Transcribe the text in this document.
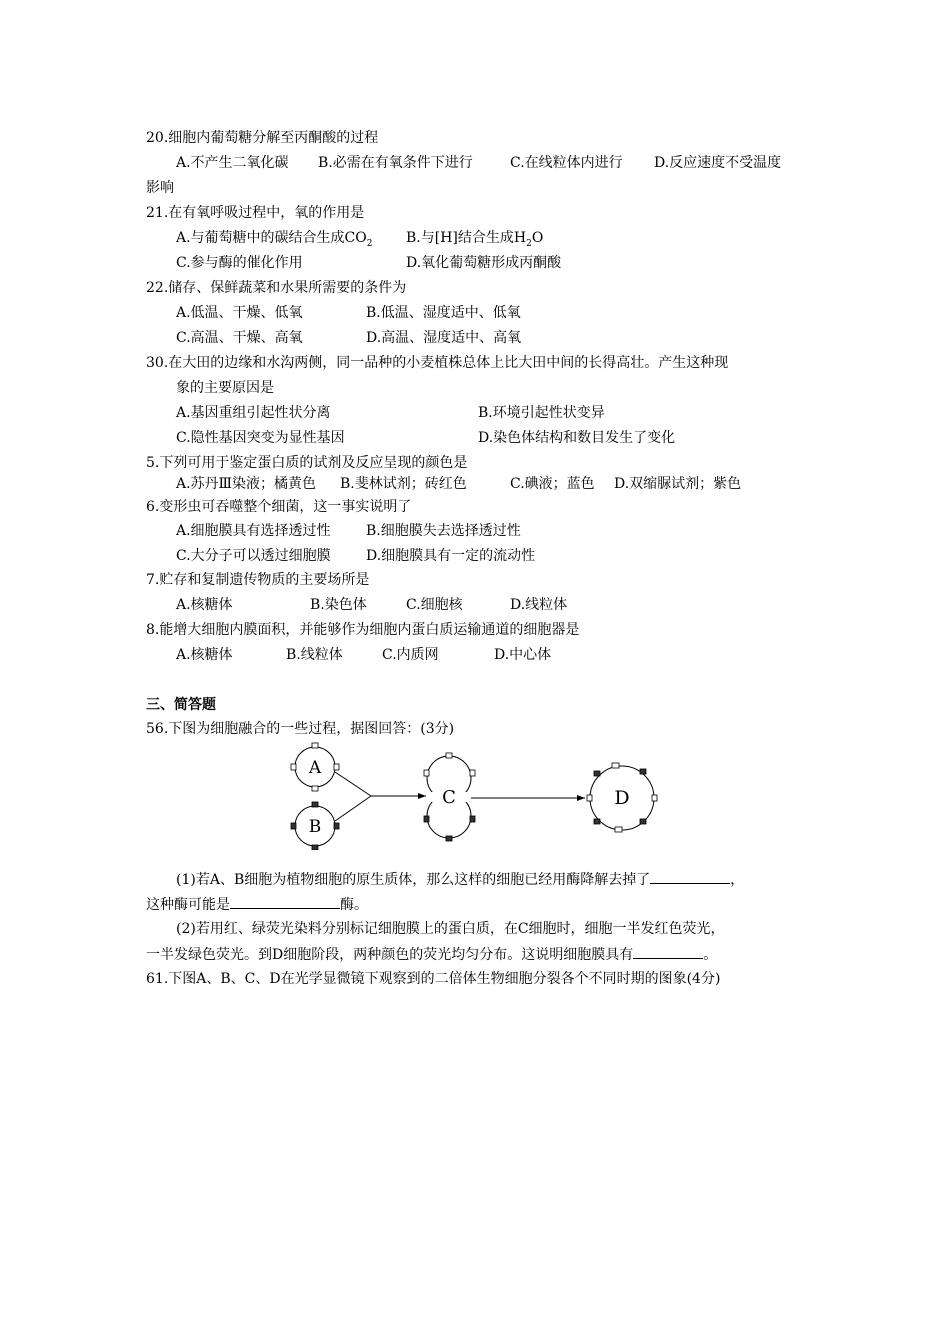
20.细胞内葡萄糖分解至丙酮酸的过程
A.不产生二氧化碳 B.必需在有氧条件下进行	C.在线粒体内进行 D.反应速度不受温度
影响
21.在有氧呼吸过程中，氧的作用是
A.与葡萄糖中的碳结合生成$CO_2$ B.与[H]结合生成$H_2O$
C.参与酶的催化作用	D.氧化葡萄糖形成丙酮酸
22.储存、保鲜蔬菜和水果所需要的条件为
A.低温、干燥、低氧	B.低温、湿度适中、低氧
C.高温、干燥、高氧	D.高温、湿度适中、高氧
30.在大田的边缘和水沟两侧，同一品种的小麦植株总体上比大田中间的长得高壮。产生这种现
象的主要原因是
A.基因重组引起性状分离	B.环境引起性状变异
C.隐性基因突变为显性基因	D.染色体结构和数目发生了变化
5.下列可用于鉴定蛋白质的试剂及反应呈现的颜色是
A.苏丹Ⅲ染液；橘黄色 B.斐林试剂；砖红色	C.碘液；蓝色 D.双缩脲试剂；紫色
6.变形虫可吞噬整个细菌，这一事实说明了
A.细胞膜具有选择透过性	B.细胞膜失去选择透过性
C.大分子可以透过细胞膜	D.细胞膜具有一定的流动性
7.贮存和复制遗传物质的主要场所是
A.核糖体	B.染色体	C.细胞核	D.线粒体
8.能增大细胞内膜面积，并能够作为细胞内蛋白质运输通道的细胞器是
A.核糖体	B.线粒体	C.内质网	D.中心体
三、简答题
56.下图为细胞融合的一些过程，据图回答：(3分)
A
B
C	D
(1)若A、B细胞为植物细胞的原生质体，那么这样的细胞已经用酶降解去掉了	，
这种酶可能是	酶。
(2)若用红、绿荧光染料分别标记细胞膜上的蛋白质，在C细胞时，细胞一半发红色荧光，
一半发绿色荧光。到D细胞阶段，两种颜色的荧光均匀分布。这说明细胞膜具有	。
61.下图A、B、C、D在光学显微镜下观察到的二倍体生物细胞分裂各个不同时期的图象(4分)
